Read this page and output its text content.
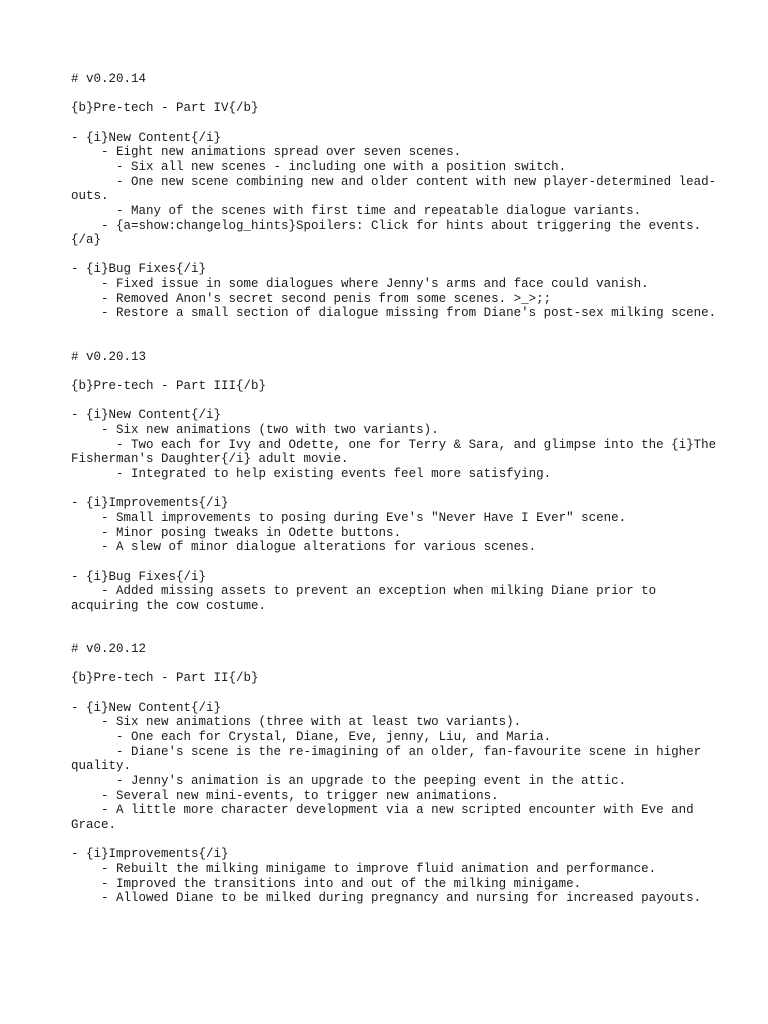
# v0.20.14
{b}Pre-tech - Part IV{/b}
- {i}New Content{/i}
- Eight new animations spread over seven scenes.
- Six all new scenes - including one with a position switch.
- One new scene combining new and older content with new player-determined lead-outs.
- Many of the scenes with first time and repeatable dialogue variants.
- {a=show:changelog_hints}Spoilers: Click for hints about triggering the events.{/a}
- {i}Bug Fixes{/i}
- Fixed issue in some dialogues where Jenny's arms and face could vanish.
- Removed Anon's secret second penis from some scenes. >_>;;
- Restore a small section of dialogue missing from Diane's post-sex milking scene.
# v0.20.13
{b}Pre-tech - Part III{/b}
- {i}New Content{/i}
- Six new animations (two with two variants).
- Two each for Ivy and Odette, one for Terry & Sara, and glimpse into the {i}The Fisherman's Daughter{/i} adult movie.
- Integrated to help existing events feel more satisfying.
- {i}Improvements{/i}
- Small improvements to posing during Eve's "Never Have I Ever" scene.
- Minor posing tweaks in Odette buttons.
- A slew of minor dialogue alterations for various scenes.
- {i}Bug Fixes{/i}
- Added missing assets to prevent an exception when milking Diane prior to acquiring the cow costume.
# v0.20.12
{b}Pre-tech - Part II{/b}
- {i}New Content{/i}
- Six new animations (three with at least two variants).
- One each for Crystal, Diane, Eve, jenny, Liu, and Maria.
- Diane's scene is the re-imagining of an older, fan-favourite scene in higher quality.
- Jenny's animation is an upgrade to the peeping event in the attic.
- Several new mini-events, to trigger new animations.
- A little more character development via a new scripted encounter with Eve and Grace.
- {i}Improvements{/i}
- Rebuilt the milking minigame to improve fluid animation and performance.
- Improved the transitions into and out of the milking minigame.
- Allowed Diane to be milked during pregnancy and nursing for increased payouts.
